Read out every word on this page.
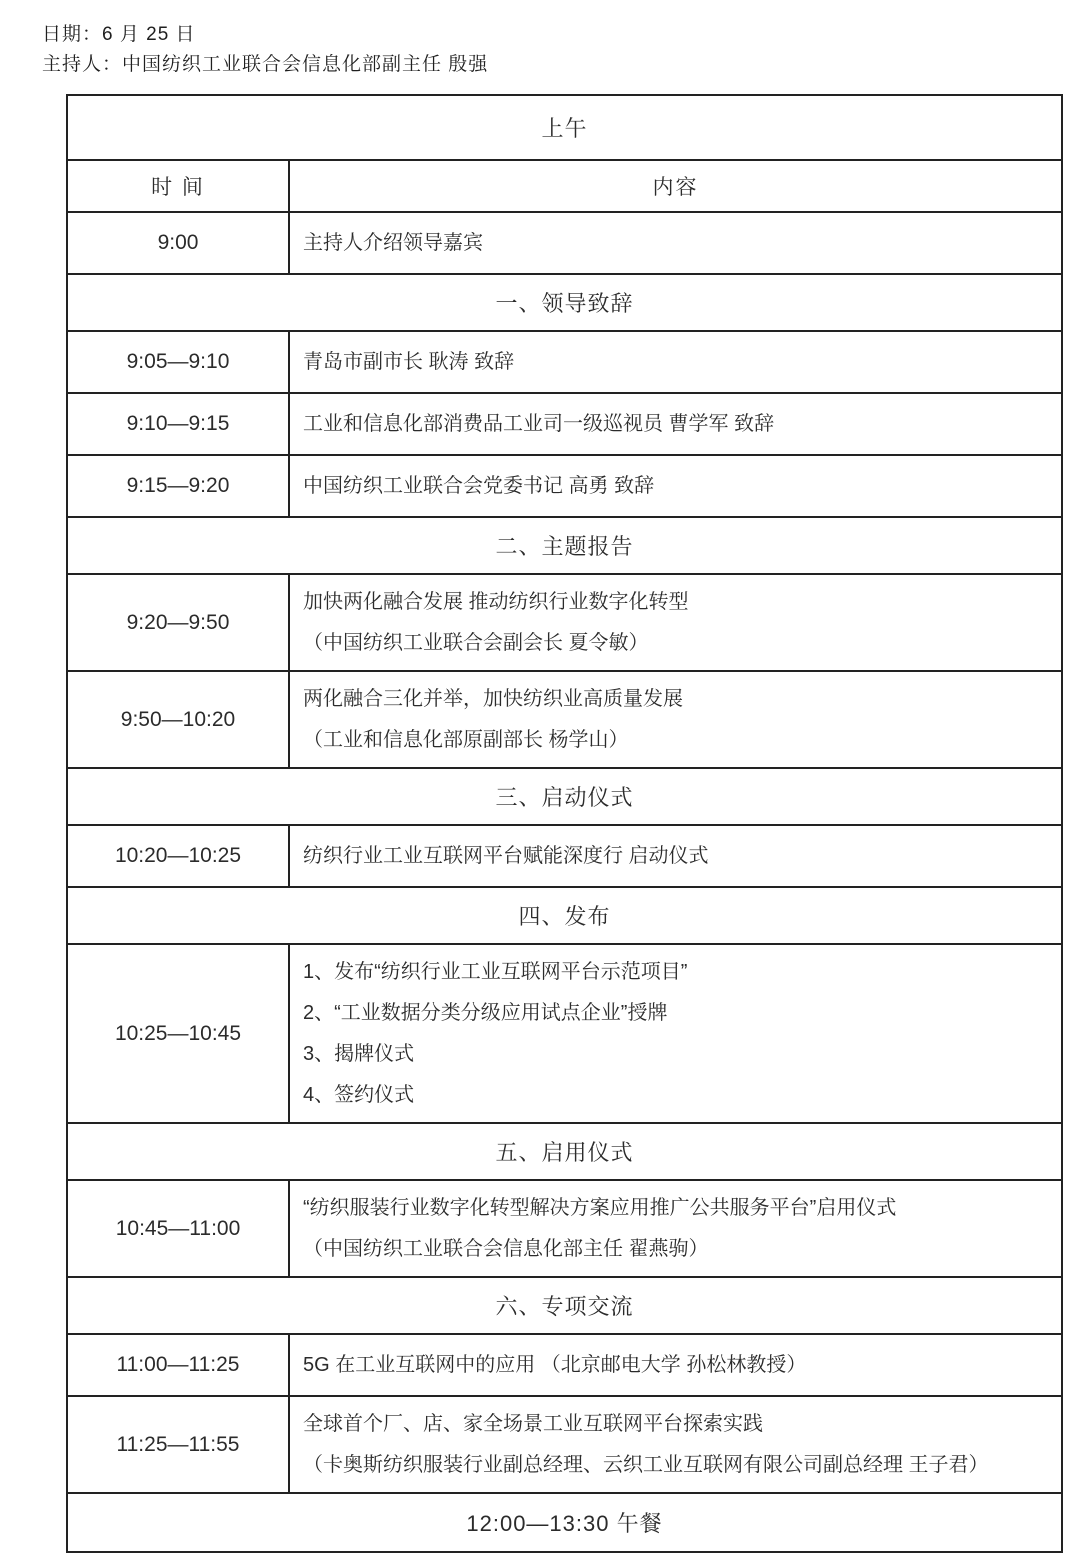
日期：6 月 25 日
主持人：中国纺织工业联合会信息化部副主任 殷强
上午	
时 间	内容
9:00	主持人介绍领导嘉宾

一、领导致辞	
9:05—9:10	青岛市副市长 耿涛 致辞

9:10—9:15	工业和信息化部消费品工业司一级巡视员 曹学军 致辞

9:15—9:20	中国纺织工业联合会党委书记 高勇 致辞

二、主题报告	
9:20—9:50	加快两化融合发展 推动纺织行业数字化转型
（中国纺织工业联合会副会长 夏令敏）

9:50—10:20	两化融合三化并举，加快纺织业高质量发展
（工业和信息化部原副部长 杨学山）

三、启动仪式	
10:20—10:25	纺织行业工业互联网平台赋能深度行 启动仪式

四、发布	
10:25—10:45	1、发布“纺织行业工业互联网平台示范项目”
2、“工业数据分类分级应用试点企业”授牌
3、揭牌仪式
4、签约仪式

五、启用仪式	
10:45—11:00	“纺织服装行业数字化转型解决方案应用推广公共服务平台”启用仪式
（中国纺织工业联合会信息化部主任 翟燕驹）

六、专项交流	
11:00—11:25	5G 在工业互联网中的应用 （北京邮电大学 孙松林教授）

11:25—11:55	全球首个厂、店、家全场景工业互联网平台探索实践
（卡奥斯纺织服装行业副总经理、云织工业互联网有限公司副总经理 王子君）

12:00—13:30 午餐	
